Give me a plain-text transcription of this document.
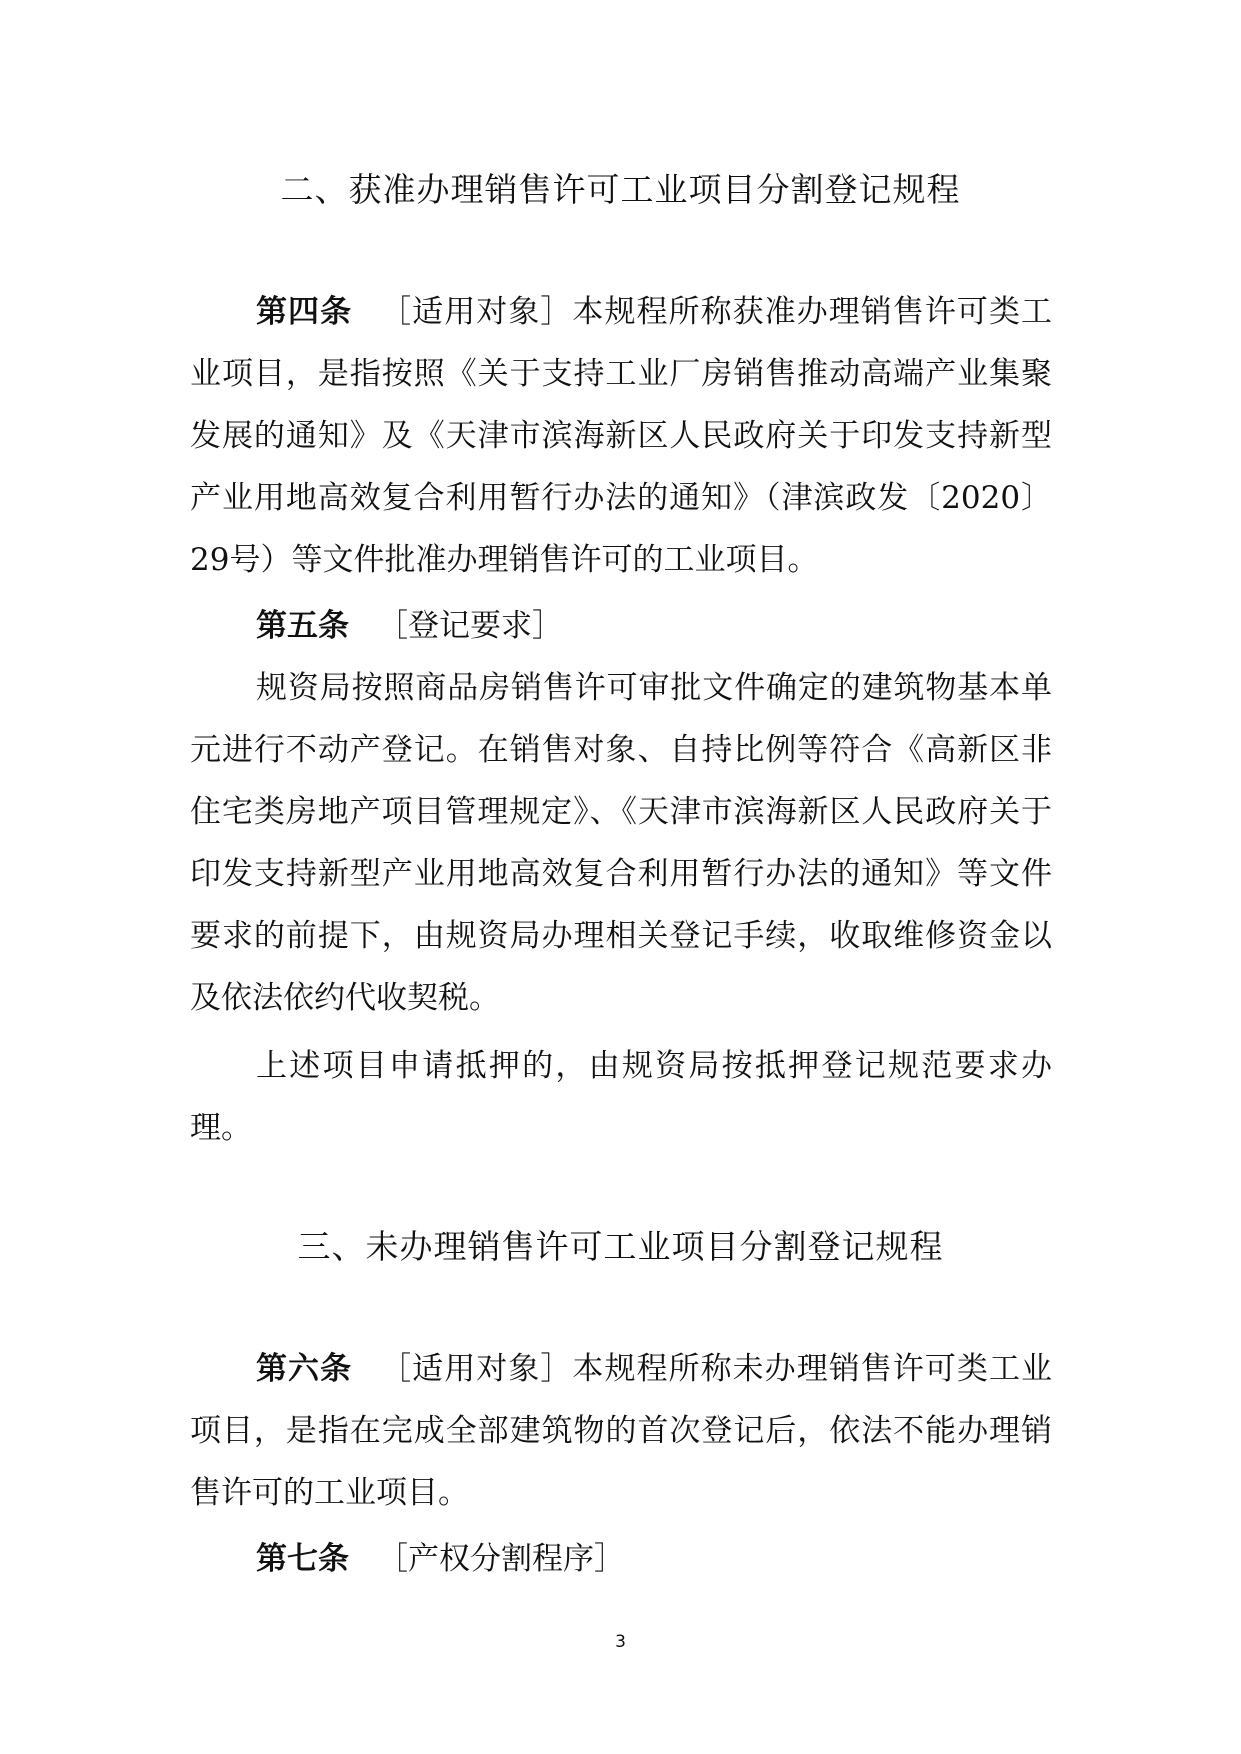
二、获准办理销售许可工业项目分割登记规程

第四条 ［适用对象］本规程所称获准办理销售许可类工业项目，是指按照《关于支持工业厂房销售推动高端产业集聚发展的通知》及《天津市滨海新区人民政府关于印发支持新型产业用地高效复合利用暂行办法的通知》（津滨政发〔2020〕29号）等文件批准办理销售许可的工业项目。

第五条 ［登记要求］

规资局按照商品房销售许可审批文件确定的建筑物基本单元进行不动产登记。在销售对象、自持比例等符合《高新区非住宅类房地产项目管理规定》、《天津市滨海新区人民政府关于印发支持新型产业用地高效复合利用暂行办法的通知》等文件要求的前提下，由规资局办理相关登记手续，收取维修资金以及依法依约代收契税。

上述项目申请抵押的，由规资局按抵押登记规范要求办理。

三、未办理销售许可工业项目分割登记规程

第六条 ［适用对象］本规程所称未办理销售许可类工业项目，是指在完成全部建筑物的首次登记后，依法不能办理销售许可的工业项目。

第七条 ［产权分割程序］

3
